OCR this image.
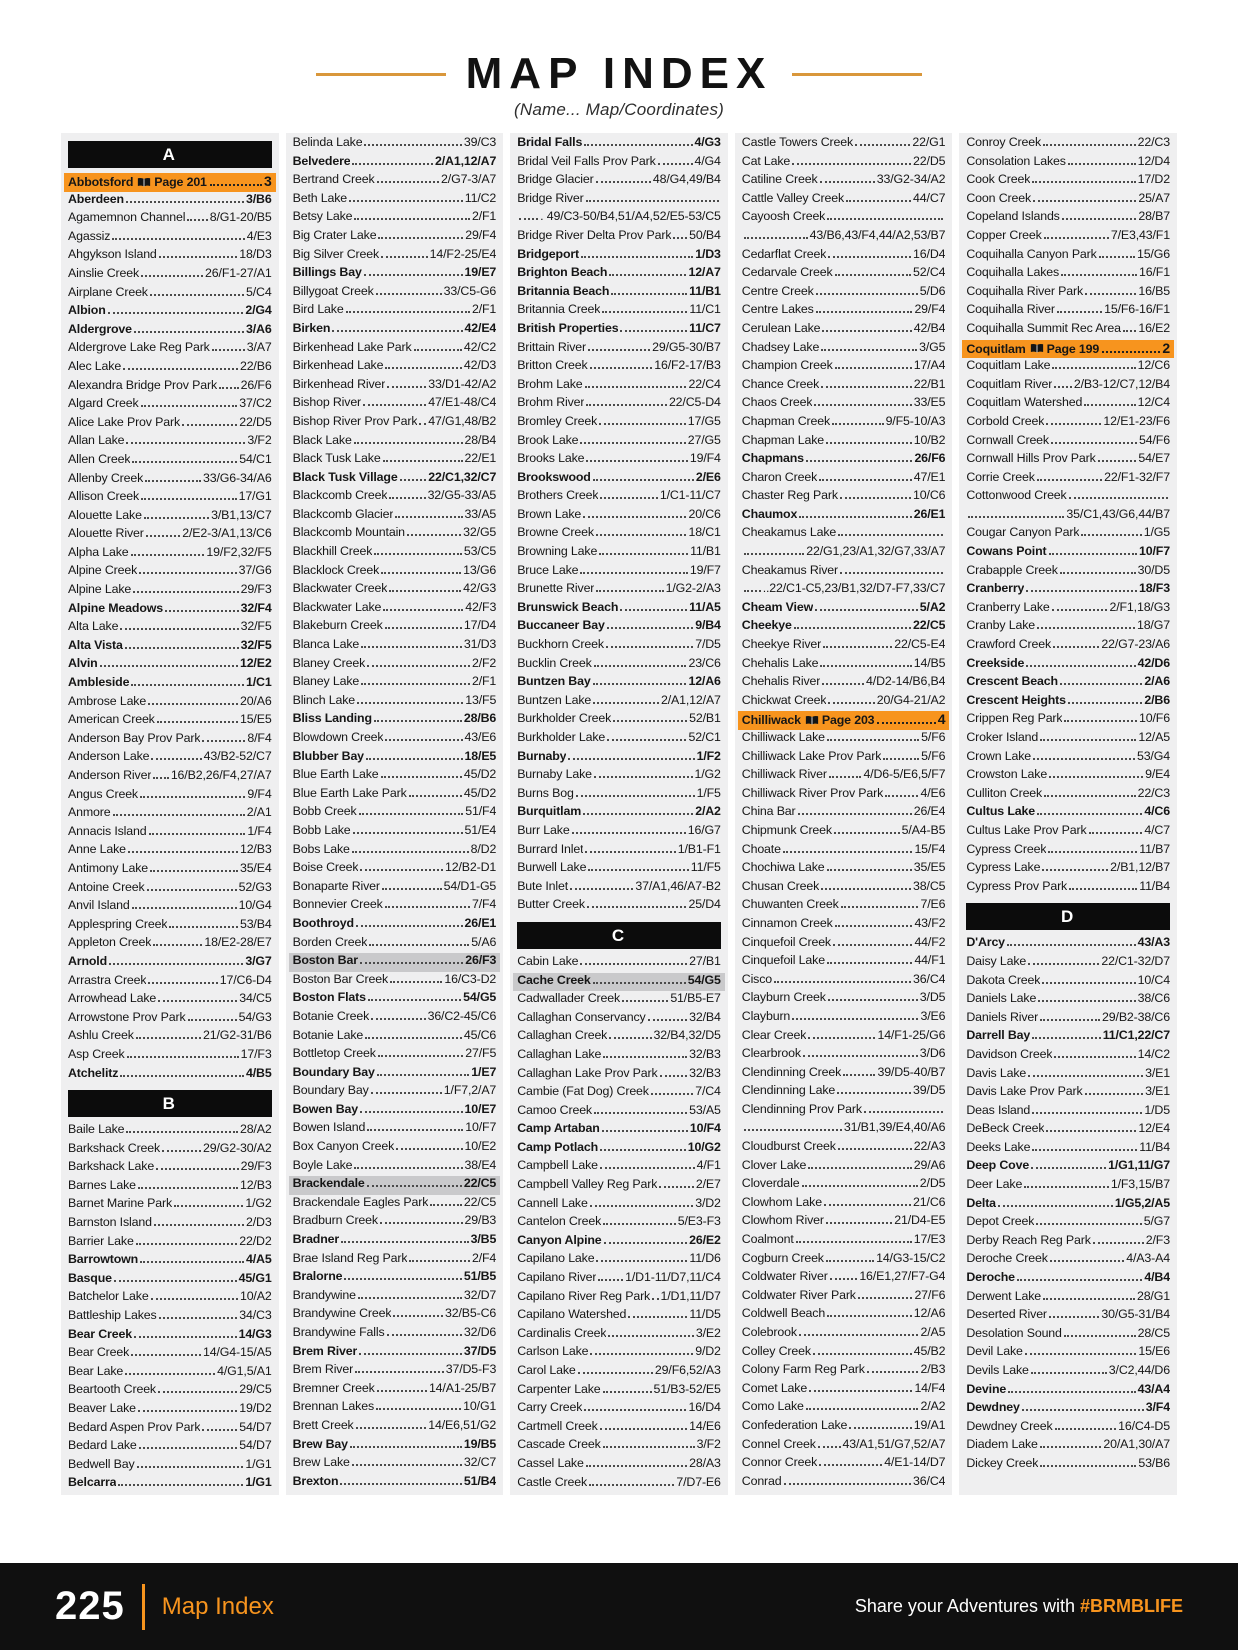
MAP INDEX
(Name... Map/Coordinates)
A
Abbotsford Page 201	3
Aberdeen	3/B6
Agamemnon Channel 8/G1-20/B5
Agassiz	4/E3
Ahgykson Island	18/D3
Ainslie Creek	26/F1-27/A1
Airplane Creek	5/C4
Albion	2/G4
Aldergrove	3/A6
Aldergrove Lake Reg Park	3/A7
Alec Lake	22/B6
Alexandra Bridge Prov Park 26/F6
Algard Creek	37/C2
Alice Lake Prov Park	22/D5
Allan Lake	3/F2
Allen Creek	54/C1
Allenby Creek	33/G6-34/A6
Allison Creek	17/G1
Alouette Lake	3/B1,13/C7
Alouette River	2/E2-3/A1,13/C6
Alpha Lake	19/F2,32/F5
Alpine Creek	37/G6
Alpine Lake	29/F3
Alpine Meadows	32/F4
Alta Lake	32/F5
Alta Vista	32/F5
Alvin	12/E2
Ambleside	1/C1
Ambrose Lake	20/A6
American Creek	15/E5
Anderson Bay Prov Park	8/F4
Anderson Lake	43/B2-52/C7
Anderson River 16/B2,26/F4,27/A7
Angus Creek	9/F4
Anmore	2/A1
Annacis Island	1/F4
Anne Lake	12/B3
Antimony Lake	35/E4
Antoine Creek	52/G3
Anvil Island	10/G4
Applespring Creek	53/B4
Appleton Creek	18/E2-28/E7
Arnold	3/G7
Arrastra Creek	17/C6-D4
Arrowhead Lake	34/C5
Arrowstone Prov Park	54/G3
Ashlu Creek	21/G2-31/B6
Asp Creek	17/F3
Atchelitz	4/B5
B
Baile Lake	28/A2
Barkshack Creek	29/G2-30/A2
Barkshack Lake	29/F3
Barnes Lake	12/B3
Barnet Marine Park	1/G2
Barnston Island	2/D3
Barrier Lake	22/D2
Barrowtown	4/A5
Basque	45/G1
Batchelor Lake	10/A2
Battleship Lakes	34/C3
Bear Creek	14/G3
Bear Creek	14/G4-15/A5
Bear Lake	4/G1,5/A1
Beartooth Creek	29/C5
Beaver Lake	19/D2
Bedard Aspen Prov Park	54/D7
Bedard Lake	54/D7
Bedwell Bay	1/G1
Belcarra	1/G1
Belinda Lake	39/C3
Belvedere	2/A1,12/A7
Bertrand Creek	2/G7-3/A7
Beth Lake	11/C2
Betsy Lake	2/F1
Big Crater Lake	29/F4
Big Silver Creek	14/F2-25/E4
Billings Bay	19/E7
Billygoat Creek	33/C5-G6
Bird Lake	2/F1
Birken	42/E4
Birkenhead Lake Park	42/C2
Birkenhead Lake	42/D3
Birkenhead River	33/D1-42/A2
Bishop River	47/E1-48/C4
Bishop River Prov Park 47/G1,48/B2
Black Lake	28/B4
Black Tusk Lake	22/E1
Black Tusk Village 22/C1,32/C7
Blackcomb Creek	32/G5-33/A5
Blackcomb Glacier	33/A5
Blackcomb Mountain	32/G5
Blackhill Creek	53/C5
Blacklock Creek	13/G6
Blackwater Creek	42/G3
Blackwater Lake	42/F3
Blakeburn Creek	17/D4
Blanca Lake	31/D3
Blaney Creek	2/F2
Blaney Lake	2/F1
Blinch Lake	13/F5
Bliss Landing	28/B6
Blowdown Creek	43/E6
Blubber Bay	18/E5
Blue Earth Lake	45/D2
Blue Earth Lake Park	45/D2
Bobb Creek	51/F4
Bobb Lake	51/E4
Bobs Lake	8/D2
Boise Creek	12/B2-D1
Bonaparte River	54/D1-G5
Bonnevier Creek	7/F4
Boothroyd	26/E1
Borden Creek	5/A6
Boston Bar	26/F3
Boston Bar Creek	16/C3-D2
Boston Flats	54/G5
Botanie Creek	36/C2-45/C6
Botanie Lake	45/C6
Bottletop Creek	27/F5
Boundary Bay	1/E7
Boundary Bay	1/F7,2/A7
Bowen Bay	10/E7
Bowen Island	10/F7
Box Canyon Creek	10/E2
Boyle Lake	38/E4
Brackendale	22/C5
Brackendale Eagles Park	22/C5
Bradburn Creek	29/B3
Bradner	3/B5
Brae Island Reg Park	2/F4
Bralorne	51/B5
Brandywine	32/D7
Brandywine Creek	32/B5-C6
Brandywine Falls	32/D6
Brem River	37/D5
Brem River	37/D5-F3
Bremner Creek	14/A1-25/B7
Brennan Lakes	10/G1
Brett Creek	14/E6,51/G2
Brew Bay	19/B5
Brew Lake	32/C7
Brexton	51/B4
Bridal Falls	4/G3
Bridal Veil Falls Prov Park	4/G4
Bridge Glacier	48/G4,49/B4
Bridge River
. 49/C3-50/B4,51/A4,52/E5-53/C5
Bridge River Delta Prov Park 50/B4
Bridgeport	1/D3
Brighton Beach	12/A7
Britannia Beach	11/B1
Britannia Creek	11/C1
British Properties	11/C7
Brittain River	29/G5-30/B7
Britton Creek	16/F2-17/B3
Brohm Lake	22/C4
Brohm River	22/C5-D4
Bromley Creek	17/G5
Brook Lake	27/G5
Brooks Lake	19/F4
Brookswood	2/E6
Brothers Creek	1/C1-11/C7
Brown Lake	20/C6
Browne Creek	18/C1
Browning Lake	11/B1
Bruce Lake	19/F7
Brunette River	1/G2-2/A3
Brunswick Beach	11/A5
Buccaneer Bay	9/B4
Buckhorn Creek	7/D5
Bucklin Creek	23/C6
Buntzen Bay	12/A6
Buntzen Lake	2/A1,12/A7
Burkholder Creek	52/B1
Burkholder Lake	52/C1
Burnaby	1/F2
Burnaby Lake	1/G2
Burns Bog	1/F5
Burquitlam	2/A2
Burr Lake	16/G7
Burrard Inlet	1/B1-F1
Burwell Lake	11/F5
Bute Inlet	37/A1,46/A7-B2
Butter Creek	25/D4
C
Cabin Lake	27/B1
Cache Creek	54/G5
Cadwallader Creek	51/B5-E7
Callaghan Conservancy	32/B4
Callaghan Creek	32/B4,32/D5
Callaghan Lake	32/B3
Callaghan Lake Prov Park	32/B3
Cambie (Fat Dog) Creek	7/C4
Camoo Creek	53/A5
Camp Artaban	10/F4
Camp Potlach	10/G2
Campbell Lake	4/F1
Campbell Valley Reg Park	2/E7
Cannell Lake	3/D2
Cantelon Creek	5/E3-F3
Canyon Alpine	26/E2
Capilano Lake	11/D6
Capilano River 1/D1-11/D7,11/C4
Capilano River Reg Park 1/D1,11/D7
Capilano Watershed	11/D5
Cardinalis Creek	3/E2
Carlson Lake	9/D2
Carol Lake	29/F6,52/A3
Carpenter Lake	51/B3-52/E5
Carry Creek	16/D4
Cartmell Creek	14/E6
Cascade Creek	3/F2
Cassel Lake	28/A3
Castle Creek	7/D7-E6
Castle Towers Creek	22/G1
Cat Lake	22/D5
Catiline Creek	33/G2-34/A2
Cattle Valley Creek	44/C7
Cayoosh Creek
43/B6,43/F4,44/A2,53/B7
Cedarflat Creek	16/D4
Cedarvale Creek	52/C4
Centre Creek	5/D6
Centre Lakes	29/F4
Cerulean Lake	42/B4
Chadsey Lake	3/G5
Champion Creek	17/A4
Chance Creek	22/B1
Chaos Creek	33/E5
Chapman Creek	9/F5-10/A3
Chapman Lake	10/B2
Chapmans	26/F6
Charon Creek	47/E1
Chaster Reg Park	10/C6
Chaumox	26/E1
Cheakamus Lake
22/G1,23/A1,32/G7,33/A7
Cheakamus River
..22/C1-C5,23/B1,32/D7-F7,33/C7
Cheam View	5/A2
Cheekye	22/C5
Cheekye River	22/C5-E4
Chehalis Lake	14/B5
Chehalis River	4/D2-14/B6,B4
Chickwat Creek	20/G4-21/A2
Chilliwack Page 203	4
Chilliwack Lake	5/F6
Chilliwack Lake Prov Park	5/F6
Chilliwack River	4/D6-5/E6,5/F7
Chilliwack River Prov Park	4/E6
China Bar	26/E4
Chipmunk Creek	5/A4-B5
Choate	15/F4
Chochiwa Lake	35/E5
Chusan Creek	38/C5
Chuwanten Creek	7/E6
Cinnamon Creek	43/F2
Cinquefoil Creek	44/F2
Cinquefoil Lake	44/F1
Cisco	36/C4
Clayburn Creek	3/D5
Clayburn	3/E6
Clear Creek	14/F1-25/G6
Clearbrook	3/D6
Clendinning Creek	39/D5-40/B7
Clendinning Lake	39/D5
Clendinning Prov Park
31/B1,39/E4,40/A6
Cloudburst Creek	22/A3
Clover Lake	29/A6
Cloverdale	2/D5
Clowhom Lake	21/C6
Clowhom River	21/D4-E5
Coalmont	17/E3
Cogburn Creek	14/G3-15/C2
Coldwater River	16/E1,27/F7-G4
Coldwater River Park	27/F6
Coldwell Beach	12/A6
Colebrook	2/A5
Colley Creek	45/B2
Colony Farm Reg Park	2/B3
Comet Lake	14/F4
Como Lake	2/A2
Confederation Lake	19/A1
Connel Creek 43/A1,51/G7,52/A7
Connor Creek	4/E1-14/D7
Conrad	36/C4
Conroy Creek	22/C3
Consolation Lakes	12/D4
Cook Creek	17/D2
Coon Creek	25/A7
Copeland Islands	28/B7
Copper Creek	7/E3,43/F1
Coquihalla Canyon Park	15/G6
Coquihalla Lakes	16/F1
Coquihalla River Park	16/B5
Coquihalla River	15/F6-16/F1
Coquihalla Summit Rec Area 16/E2
Coquitlam Page 199	2
Coquitlam Lake	12/C6
Coquitlam River 2/B3-12/C7,12/B4
Coquitlam Watershed	12/C4
Corbold Creek	12/E1-23/F6
Cornwall Creek	54/F6
Cornwall Hills Prov Park	54/E7
Corrie Creek	22/F1-32/F7
Cottonwood Creek
35/C1,43/G6,44/B7
Cougar Canyon Park	1/G5
Cowans Point	10/F7
Crabapple Creek	30/D5
Cranberry	18/F3
Cranberry Lake	2/F1,18/G3
Cranby Lake	18/G7
Crawford Creek	22/G7-23/A6
Creekside	42/D6
Crescent Beach	2/A6
Crescent Heights	2/B6
Crippen Reg Park	10/F6
Croker Island	12/A5
Crown Lake	53/G4
Crowston Lake	9/E4
Culliton Creek	22/C3
Cultus Lake	4/C6
Cultus Lake Prov Park	4/C7
Cypress Creek	11/B7
Cypress Lake	2/B1,12/B7
Cypress Prov Park	11/B4
D
D'Arcy	43/A3
Daisy Lake	22/C1-32/D7
Dakota Creek	10/C4
Daniels Lake	38/C6
Daniels River	29/B2-38/C6
Darrell Bay	11/C1,22/C7
Davidson Creek	14/C2
Davis Lake	3/E1
Davis Lake Prov Park	3/E1
Deas Island	1/D5
DeBeck Creek	12/E4
Deeks Lake	11/B4
Deep Cove	1/G1,11/G7
Deer Lake	1/F3,15/B7
Delta	1/G5,2/A5
Depot Creek	5/G7
Derby Reach Reg Park	2/F3
Deroche Creek	4/A3-A4
Deroche	4/B4
Derwent Lake	28/G1
Deserted River	30/G5-31/B4
Desolation Sound	28/C5
Devil Lake	15/E6
Devils Lake	3/C2,44/D6
Devine	43/A4
Dewdney	3/F4
Dewdney Creek	16/C4-D5
Diadem Lake	20/A1,30/A7
Dickey Creek	53/B6
225 Map Index	Share your Adventures with #BRMBLIFE
